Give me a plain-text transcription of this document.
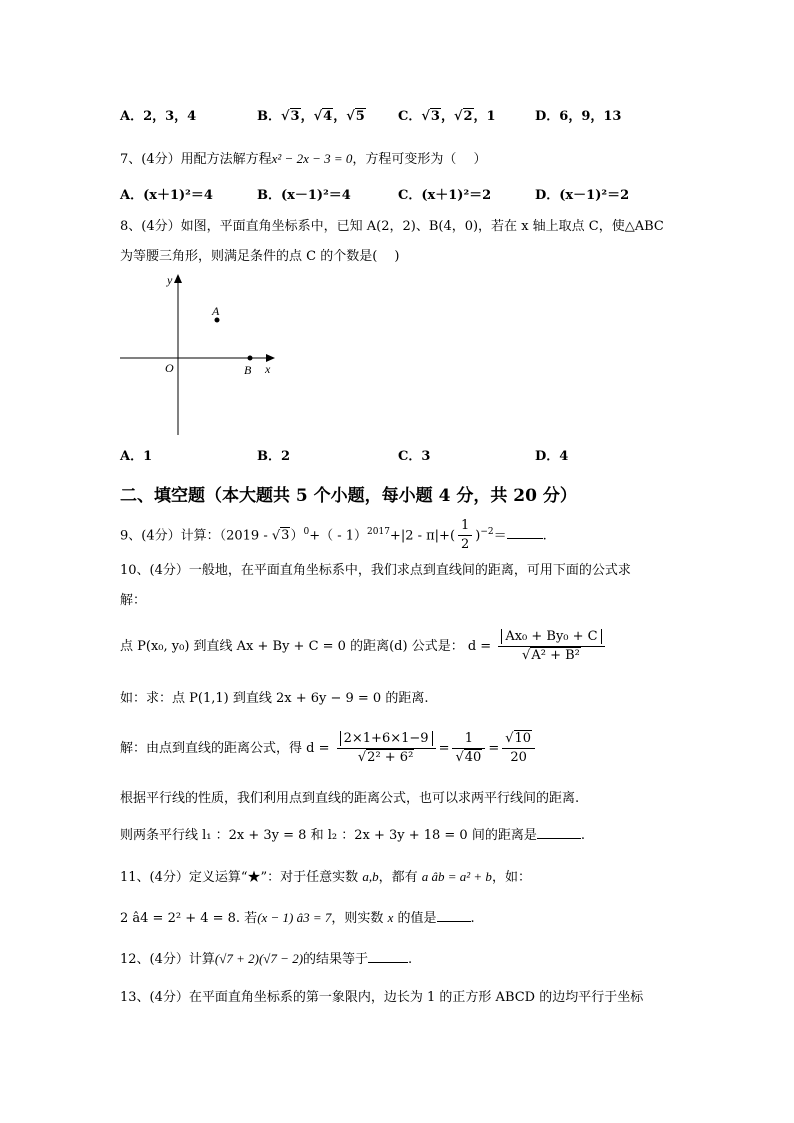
A．2，3，4	B．√3，√4，√5	C．√3，√2，1	D．6，9，13
7、(4分）用配方法解方程x² − 2x − 3 = 0，方程可变形为（　 ）
A．(x＋1)²＝4	B．(x－1)²＝4	C．(x＋1)²＝2	D．(x－1)²＝2
8、(4分）如图，平面直角坐标系中，已知 A(2，2)、B(4，0)，若在 x 轴上取点 C，使△ABC
为等腰三角形，则满足条件的点 C 的个数是(　 )
y
x
O
A
B
A．1	B．2	C．3	D．4
二、填空题（本大题共 5 个小题，每小题 4 分，共 20 分）
9、(4分）计算：$(2019 - √3)^0+( - 1)^{2017}+|2 - \pi|+( \frac{1}{2} )^{-2}=$	.
10、(4分）一般地，在平面直角坐标系中，我们求点到直线间的距离，可用下面的公式求
解：
点 P(x₀, y₀) 到直线 Ax + By + C = 0 的距离(d) 公式是： $d = \frac{\text{Ax₀ + By₀ + C}}{\text{√A² + B²}}$
如：求：点 P(1,1) 到直线 2x + 6y − 9 = 0 的距离.
解：由点到直线的距离公式，得 $d = \frac{2\times 1+6\times 1-9}{\text{√2² + 6²}} = \frac{1}{√40} = \frac{√10}{20}$
根据平行线的性质，我们利用点到直线的距离公式，也可以求两平行线间的距离.
则两条平行线 l₁ ：2x + 3y = 8 和 l₂ ：2x + 3y + 18 = 0 间的距离是	.
11、(4分）定义运算“★”：对于任意实数 a,b，都有 a âb = a² + b，如：
2 â4 = 2² + 4 = 8. 若(x − 1) â3 = 7，则实数 x 的值是	.
12、(4分）计算(√7 + 2)(√7 − 2)的结果等于	.
13、(4分）在平面直角坐标系的第一象限内，边长为 1 的正方形 ABCD 的边均平行于坐标
